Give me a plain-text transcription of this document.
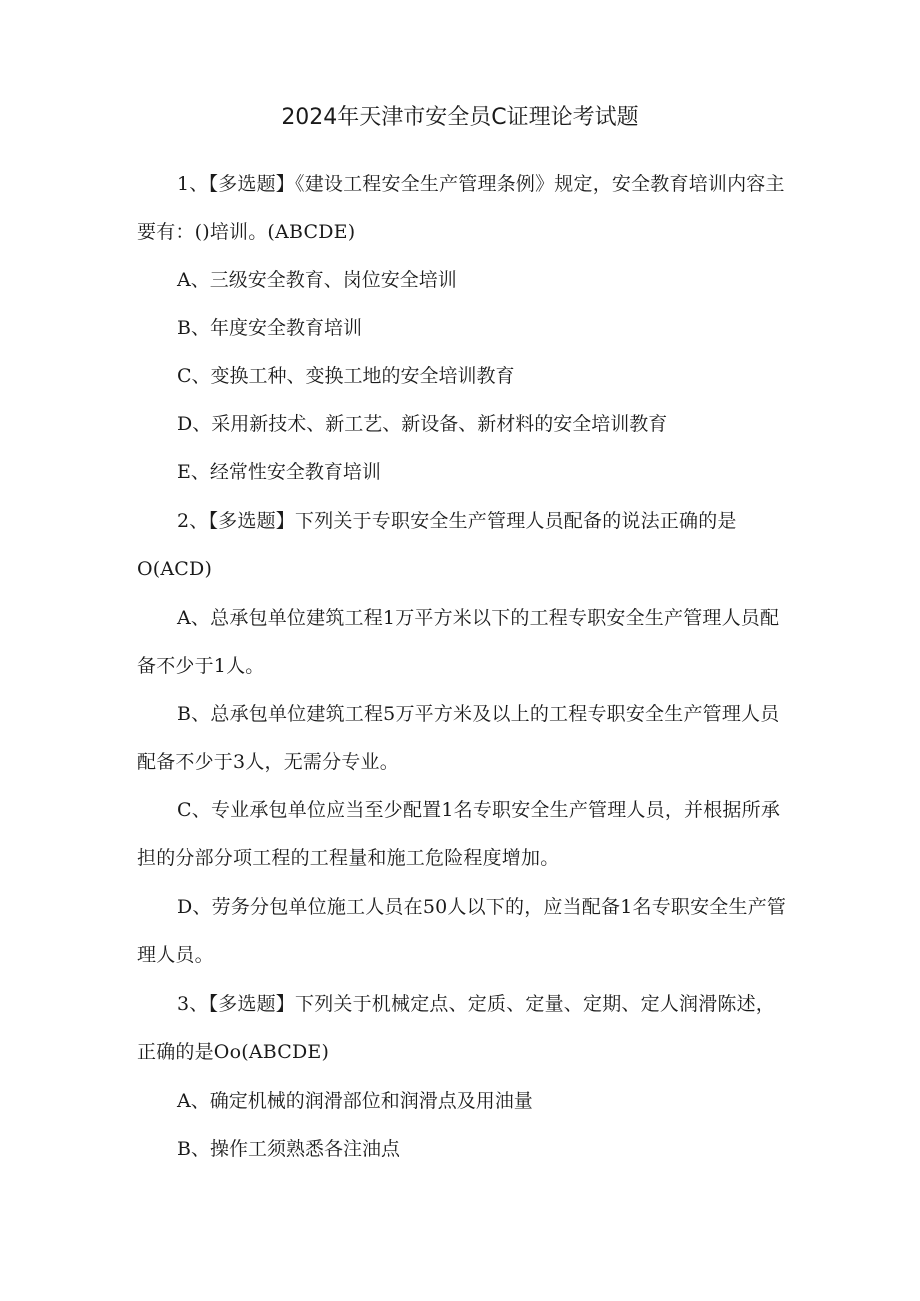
2024年天津市安全员C证理论考试题

1、【多选题】《建设工程安全生产管理条例》规定，安全教育培训内容主要有：()培训。(ABCDE)

A、三级安全教育、岗位安全培训

B、年度安全教育培训

C、变换工种、变换工地的安全培训教育

D、采用新技术、新工艺、新设备、新材料的安全培训教育

E、经常性安全教育培训

2、【多选题】下列关于专职安全生产管理人员配备的说法正确的是O(ACD)

A、总承包单位建筑工程1万平方米以下的工程专职安全生产管理人员配备不少于1人。

B、总承包单位建筑工程5万平方米及以上的工程专职安全生产管理人员配备不少于3人，无需分专业。

C、专业承包单位应当至少配置1名专职安全生产管理人员，并根据所承担的分部分项工程的工程量和施工危险程度增加。

D、劳务分包单位施工人员在50人以下的，应当配备1名专职安全生产管理人员。

3、【多选题】下列关于机械定点、定质、定量、定期、定人润滑陈述，正确的是Oo(ABCDE)

A、确定机械的润滑部位和润滑点及用油量

B、操作工须熟悉各注油点
